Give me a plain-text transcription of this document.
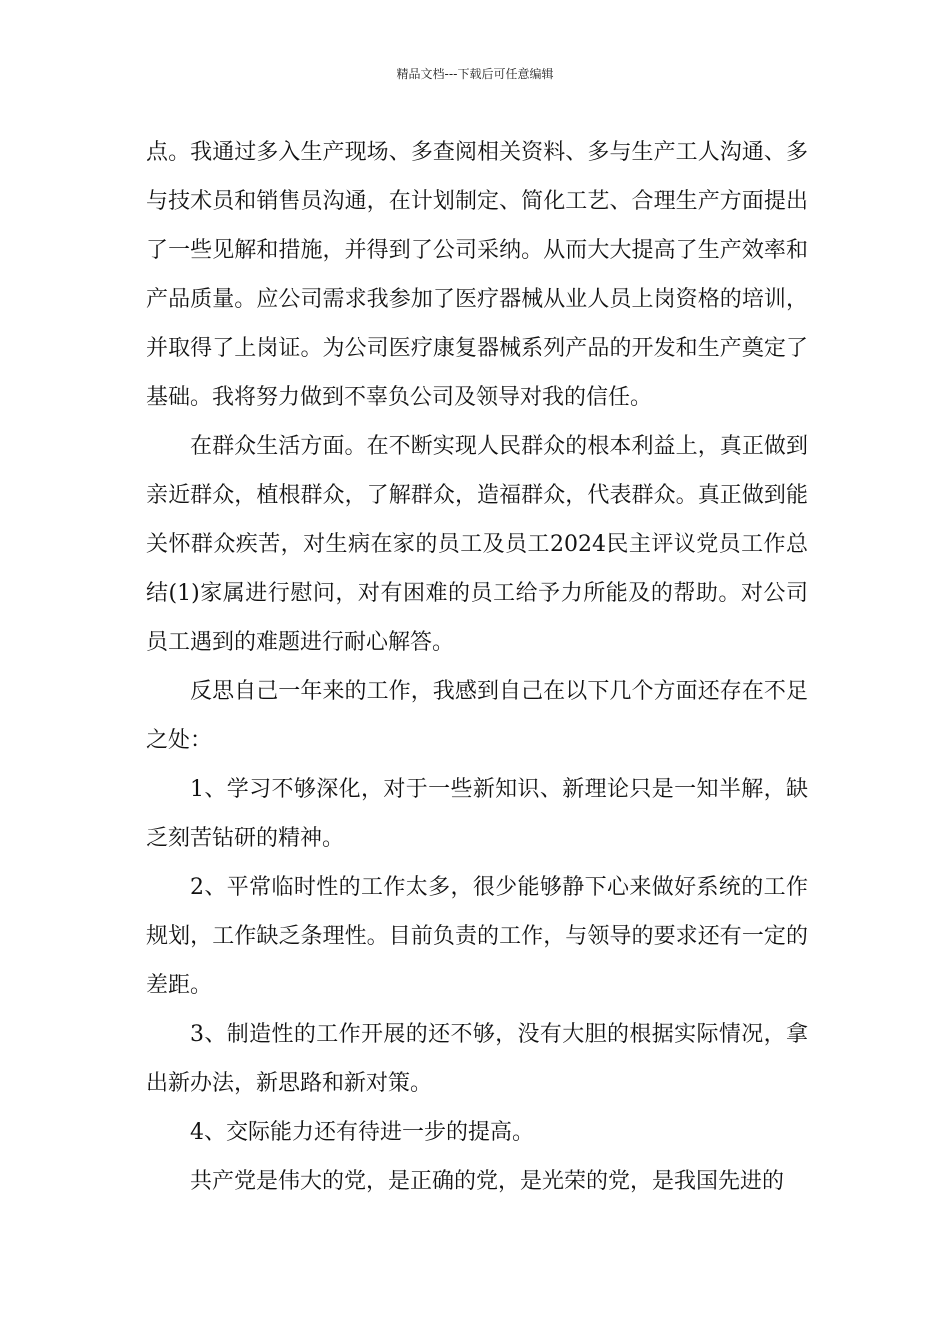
精品文档---下载后可任意编辑

点。我通过多入生产现场、多查阅相关资料、多与生产工人沟通、多与技术员和销售员沟通，在计划制定、简化工艺、合理生产方面提出了一些见解和措施，并得到了公司采纳。从而大大提高了生产效率和产品质量。应公司需求我参加了医疗器械从业人员上岗资格的培训，并取得了上岗证。为公司医疗康复器械系列产品的开发和生产奠定了基础。我将努力做到不辜负公司及领导对我的信任。

在群众生活方面。在不断实现人民群众的根本利益上，真正做到亲近群众，植根群众，了解群众，造福群众，代表群众。真正做到能关怀群众疾苦，对生病在家的员工及员工2024民主评议党员工作总结(1)家属进行慰问，对有困难的员工给予力所能及的帮助。对公司员工遇到的难题进行耐心解答。

反思自己一年来的工作，我感到自己在以下几个方面还存在不足之处：

1、学习不够深化，对于一些新知识、新理论只是一知半解，缺乏刻苦钻研的精神。

2、平常临时性的工作太多，很少能够静下心来做好系统的工作规划，工作缺乏条理性。目前负责的工作，与领导的要求还有一定的差距。

3、制造性的工作开展的还不够，没有大胆的根据实际情况，拿出新办法，新思路和新对策。

4、交际能力还有待进一步的提高。

共产党是伟大的党，是正确的党，是光荣的党，是我国先进的
